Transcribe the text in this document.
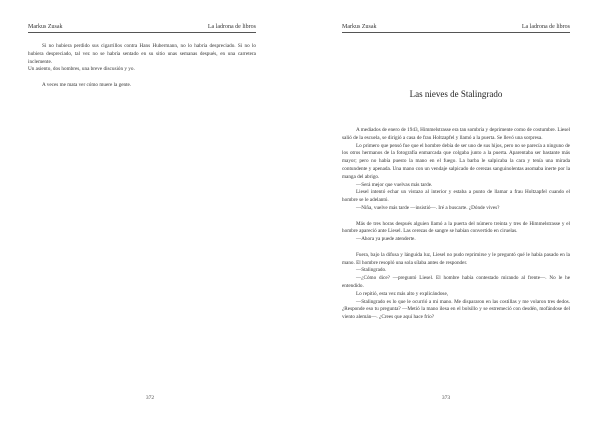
Markus Zusak	La ladrona de libros

Si no hubiera perdido sus cigarrillos contra Hans Hubermann, no lo habría despreciado. Si no lo hubiera despreciado, tal vez no se habría sentado en su sitio unas semanas después, en una carretera inclemente.

Un asiento, dos hombres, una breve discusión y yo.

A veces me mata ver cómo muere la gente.

372
Markus Zusak	La ladrona de libros
Las nieves de Stalingrado

A mediados de enero de 1943, Himmelstrasse era tan sombría y deprimente como de costumbre. Liesel salió de la escuela, se dirigió a casa de frau Holtzapfel y llamó a la puerta. Se llevó una sorpresa.

Lo primero que pensó fue que el hombre debía de ser uno de sus hijos, pero no se parecía a ninguno de los otros hermanos de la fotografía enmarcada que colgaba junto a la puerta. Aparentaba ser bastante más mayor; pero no había puesto la mano en el fuego. La barba le salpicaba la cara y tenía una mirada contundente y apenada. Una mano con un vendaje salpicado de cerezas sanguinolentas asomaba inerte por la manga del abrigo.

—Será mejor que vuelvas más tarde.

Liesel intentó echar un vistazo al interior y estaba a punto de llamar a frau Holtzapfel cuando el hombre se le adelantó.

—Niña, vuelve más tarde —insistió—. Iré a buscarte. ¿Dónde vives?

Más de tres horas después alguien llamó a la puerta del número treinta y tres de Himmelstrasse y el hombre apareció ante Liesel. Las cerezas de sangre se habían convertido en ciruelas.

—Ahora ya puede atenderte.

Fuera, bajo la difusa y lánguida luz, Liesel no pudo reprimirse y le preguntó qué le había pasado en la mano. El hombre resopló una sola sílaba antes de responder.

—Stalingrado.

—¿Cómo dice? —preguntó Liesel. El hombre había contestado mirando al frente—. No le he entendido.

Lo repitió, esta vez más alto y explicándose,

—Stalingrado es lo que le ocurrió a mi mano. Me dispararon en las costillas y me volaron tres dedos. ¿Responde eso tu pregunta? —Metió la mano ilesa en el bolsillo y se estremeció con desdén, mofándose del viento alemán—. ¿Crees que aquí hace frío?

373
